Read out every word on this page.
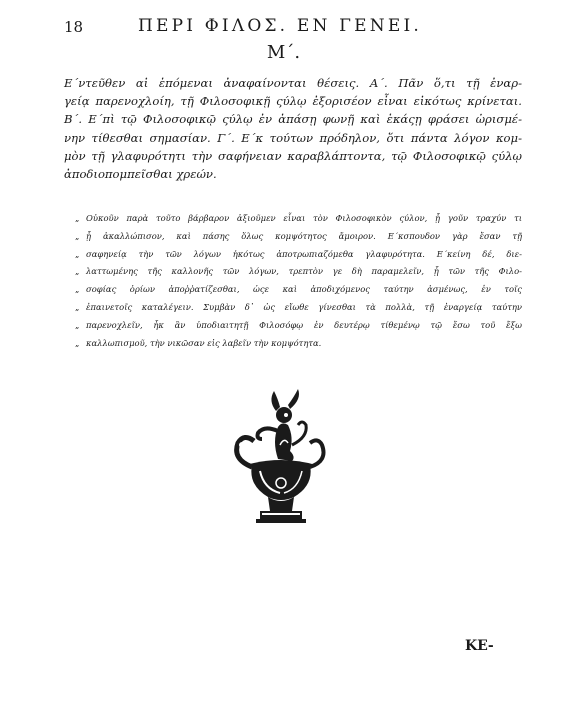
18	ΠΕΡΙ ΦΙΛΟΣ. ΕΝ ΓΕΝΕΙ.
Μ΄.

Ε΄ντεῦθεν αἱ ἑπόμεναι ἀναφαίνονται θέσεις. Α΄. Πᾶν ὅ,τι τῇ ἐναρ-
γείᾳ παρενοχλοίη, τῇ Φιλοσοφικῇ ςύλῳ ἐξορισέον εἶναι εἰκότως κρίνεται.
Β΄. Ε΄πὶ τῷ Φιλοσοφικῷ ςύλῳ ἐν ἁπάσῃ φωνῇ καὶ ἑκάςῃ φράσει ὠρισμέ-
νην τίθεσθαι σημασίαν. Γ΄. Ε΄κ τούτων πρόδηλον, ὅτι πάντα λόγον κομ-
μὸν τῇ γλαφυρότητι τὴν σαφήνειαν καραβλάπτοντα, τῷ Φιλοσοφικῷ ςύλῳ
ἀποδιοπομπεῖσθαι χρεών.

„ Οὐκοῦν παρὰ τοῦτο βάρβαρον ἀξιοῦμεν εἶναι τὸν Φιλοσοφικὸν ςύλον, ᾗ γοῦν τραχύν τι
„ ᾖ ἀκαλλώπισον, καὶ πάσης ὅλως κομψότητος ἄμοιρον. Ε΄κσπουδον γὰρ ἔσαν τῇ
„ σαφηνείᾳ τὴν τῶν λόγων ἡκότως ἀποτρωπιαζόμεθα γλαφυρότητα. Ε΄κείνη δέ, διε-
„ λαττωμένης τῆς καλλονῆς τῶν λόγων, τρεπτὸν γε δὴ παραμελεῖν, ᾗ τῶν τῆς Φιλο-
„ σοφίας ὁρίων ἀποῤῥατίζεσθαι, ὡςε καὶ ἀποδιχόμενος ταύτην ἀσμένως, ἐν τοῖς
„ ἐπαινετοῖς καταλέγειν. Συμβὰν δ᾽ ὡς εἴωθε γίνεσθαι τὰ πολλὰ, τῇ ἐναργείᾳ ταύτην
„ παρενοχλεῖν, ἧκ ἂν ὑποδιαιτητῇ Φιλοσόφῳ ἐν δευτέρῳ τίθεμένῳ τῷ ἔσω τοῦ ἔξω
„ καλλωπισμοῦ, τὴν νικῶσαν εἰς λαβεῖν τὴν κομψότητα.
ΚΕ-
